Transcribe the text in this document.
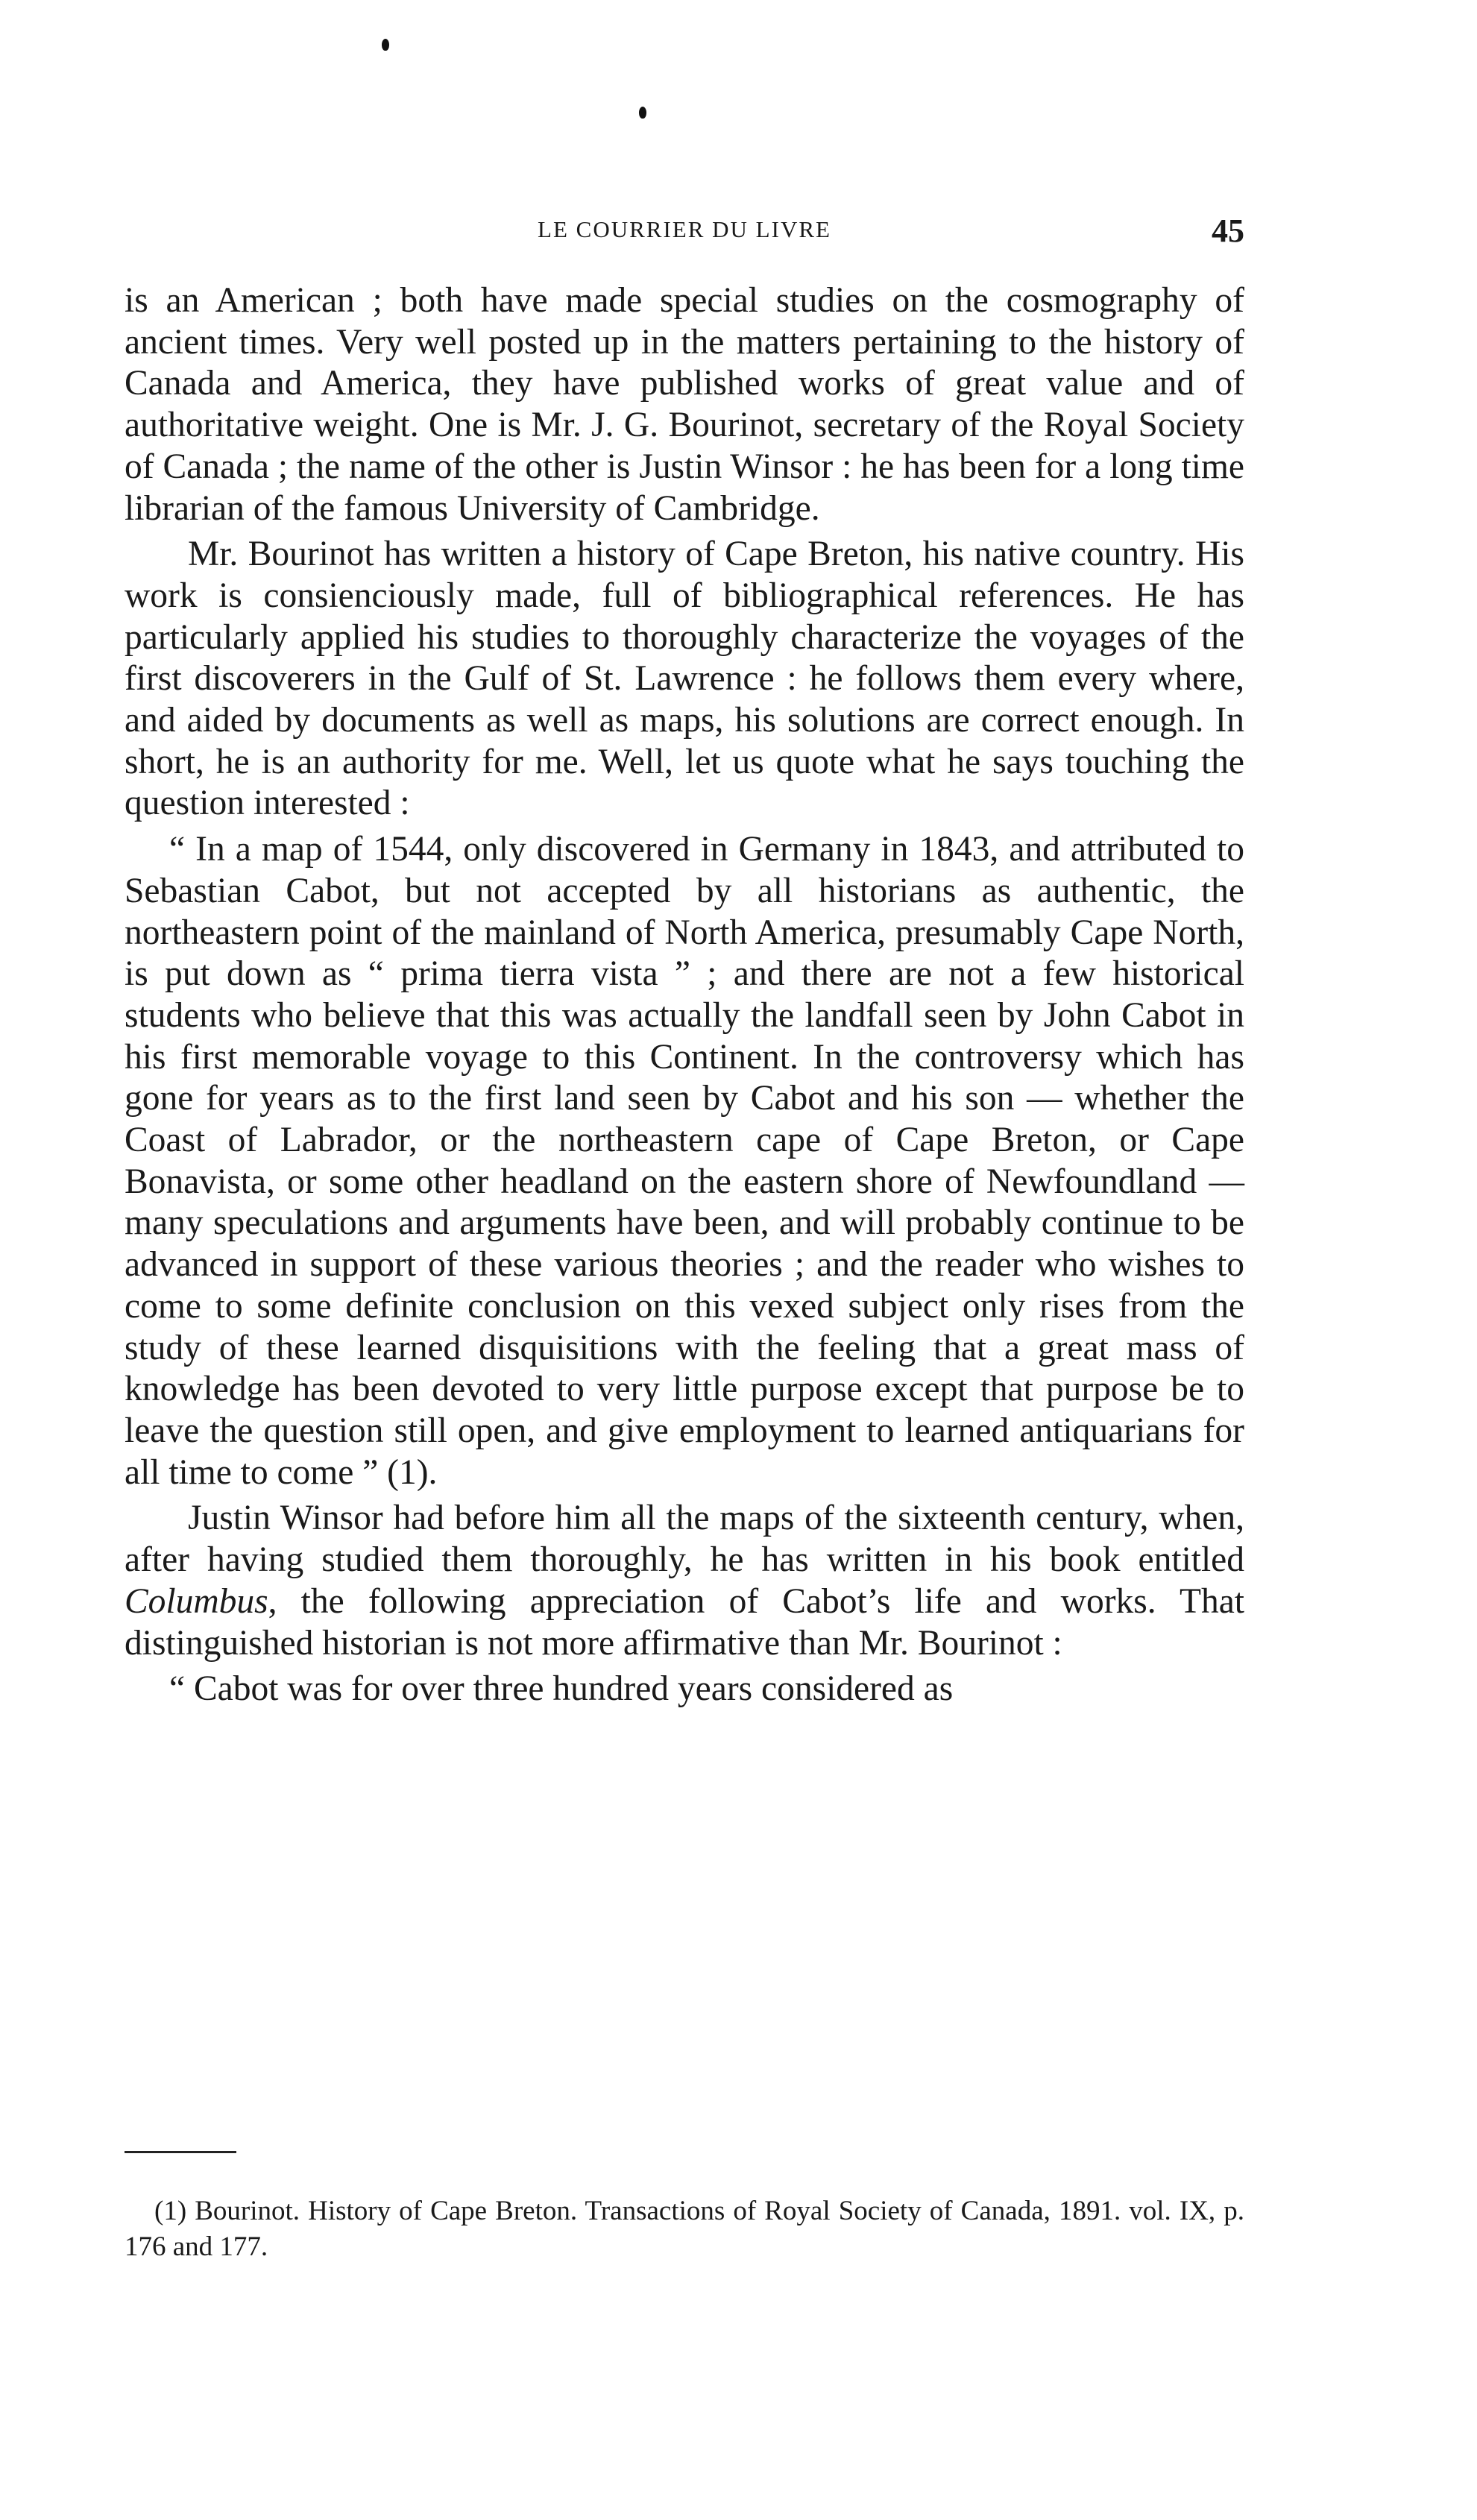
LE COURRIER DU LIVRE	45

is an American ; both have made special studies on the cosmography of ancient times. Very well posted up in the matters pertaining to the history of Canada and America, they have published works of great value and of authoritative weight. One is Mr. J. G. Bourinot, secretary of the Royal Society of Canada ; the name of the other is Justin Winsor : he has been for a long time librarian of the famous University of Cambridge.

Mr. Bourinot has written a history of Cape Breton, his native country. His work is consienciously made, full of bibliographical references. He has particularly applied his studies to thoroughly characterize the voyages of the first discoverers in the Gulf of St. Lawrence : he follows them every where, and aided by documents as well as maps, his solutions are correct enough. In short, he is an authority for me. Well, let us quote what he says touching the question interested :

“ In a map of 1544, only discovered in Germany in 1843, and attributed to Sebastian Cabot, but not accepted by all historians as authentic, the northeastern point of the mainland of North America, presumably Cape North, is put down as “ prima tierra vista ” ; and there are not a few historical students who believe that this was actually the landfall seen by John Cabot in his first memorable voyage to this Continent. In the controversy which has gone for years as to the first land seen by Cabot and his son — whether the Coast of Labrador, or the northeastern cape of Cape Breton, or Cape Bonavista, or some other headland on the eastern shore of Newfoundland — many speculations and arguments have been, and will probably continue to be advanced in support of these various theories ; and the reader who wishes to come to some definite conclusion on this vexed subject only rises from the study of these learned disquisitions with the feeling that a great mass of knowledge has been devoted to very little purpose except that purpose be to leave the question still open, and give employment to learned antiquarians for all time to come ” (1).

Justin Winsor had before him all the maps of the sixteenth century, when, after having studied them thoroughly, he has written in his book entitled Columbus, the following appreciation of Cabot’s life and works. That distinguished historian is not more affirmative than Mr. Bourinot :

“ Cabot was for over three hundred years considered as

(1) Bourinot. History of Cape Breton. Transactions of Royal Society of Canada, 1891. vol. IX, p. 176 and 177.
